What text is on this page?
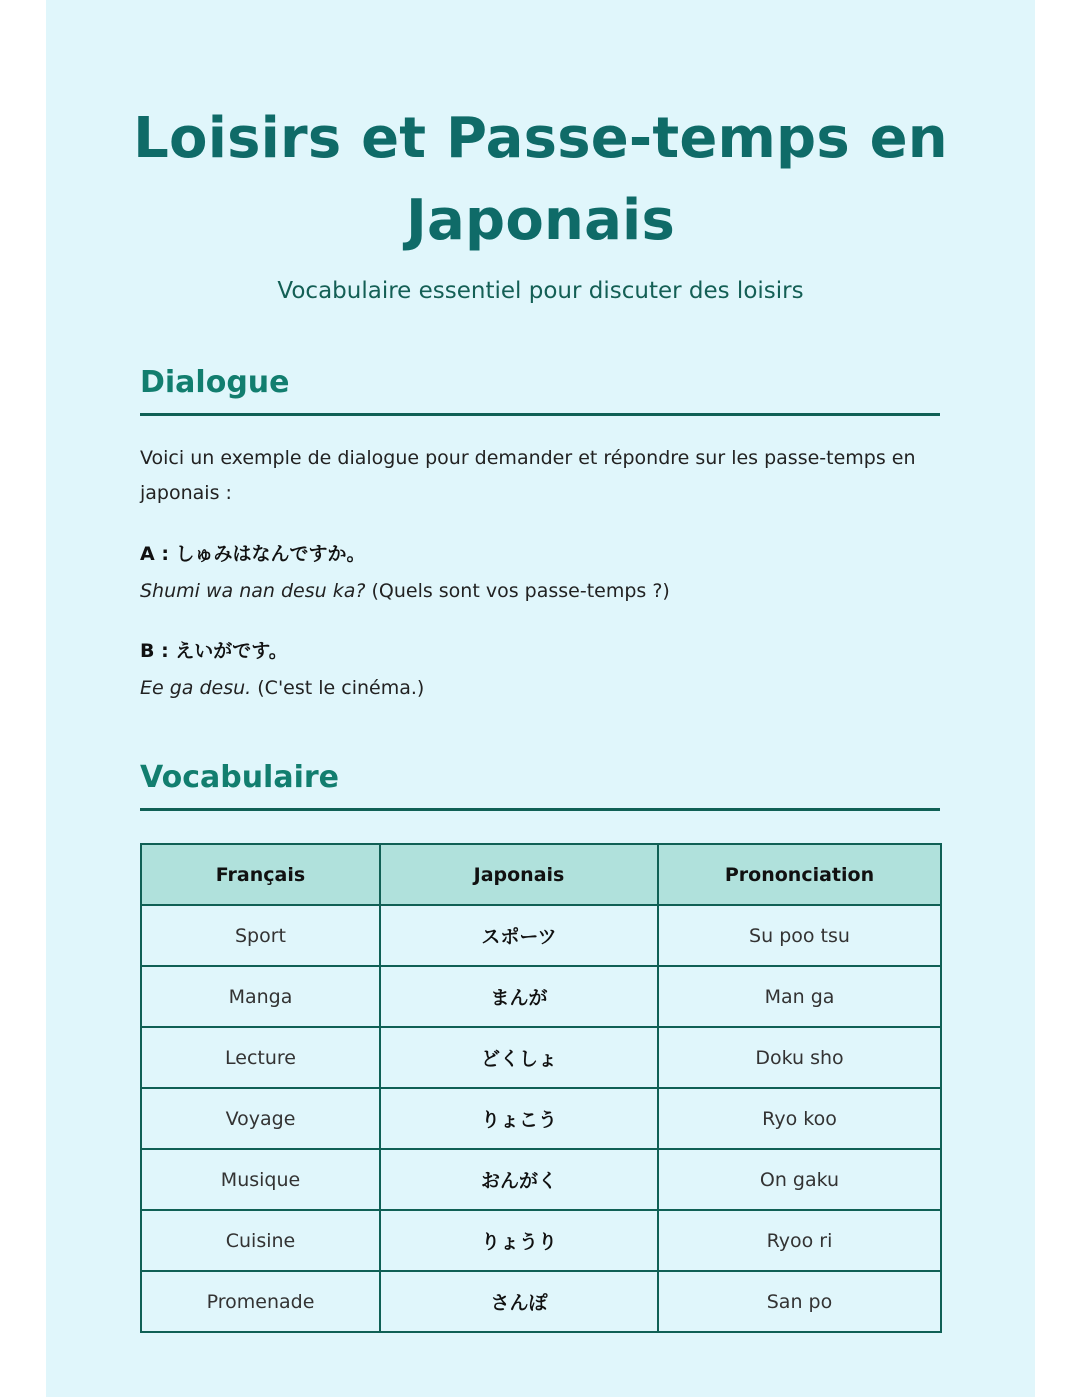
Loisirs et Passe-temps en
Japonais
Vocabulaire essentiel pour discuter des loisirs
Dialogue
Voici un exemple de dialogue pour demander et répondre sur les passe-temps en japonais :
A : しゅみはなんですか。
Shumi wa nan desu ka? (Quels sont vos passe-temps ?)
B : えいがです。
Ee ga desu. (C'est le cinéma.)
Vocabulaire
Français	Japonais	Prononciation
Sport	スポーツ	Su poo tsu
Manga	まんが	Man ga
Lecture	どくしょ	Doku sho
Voyage	りょこう	Ryo koo
Musique	おんがく	On gaku
Cuisine	りょうり	Ryoo ri
Promenade	さんぽ	San po
